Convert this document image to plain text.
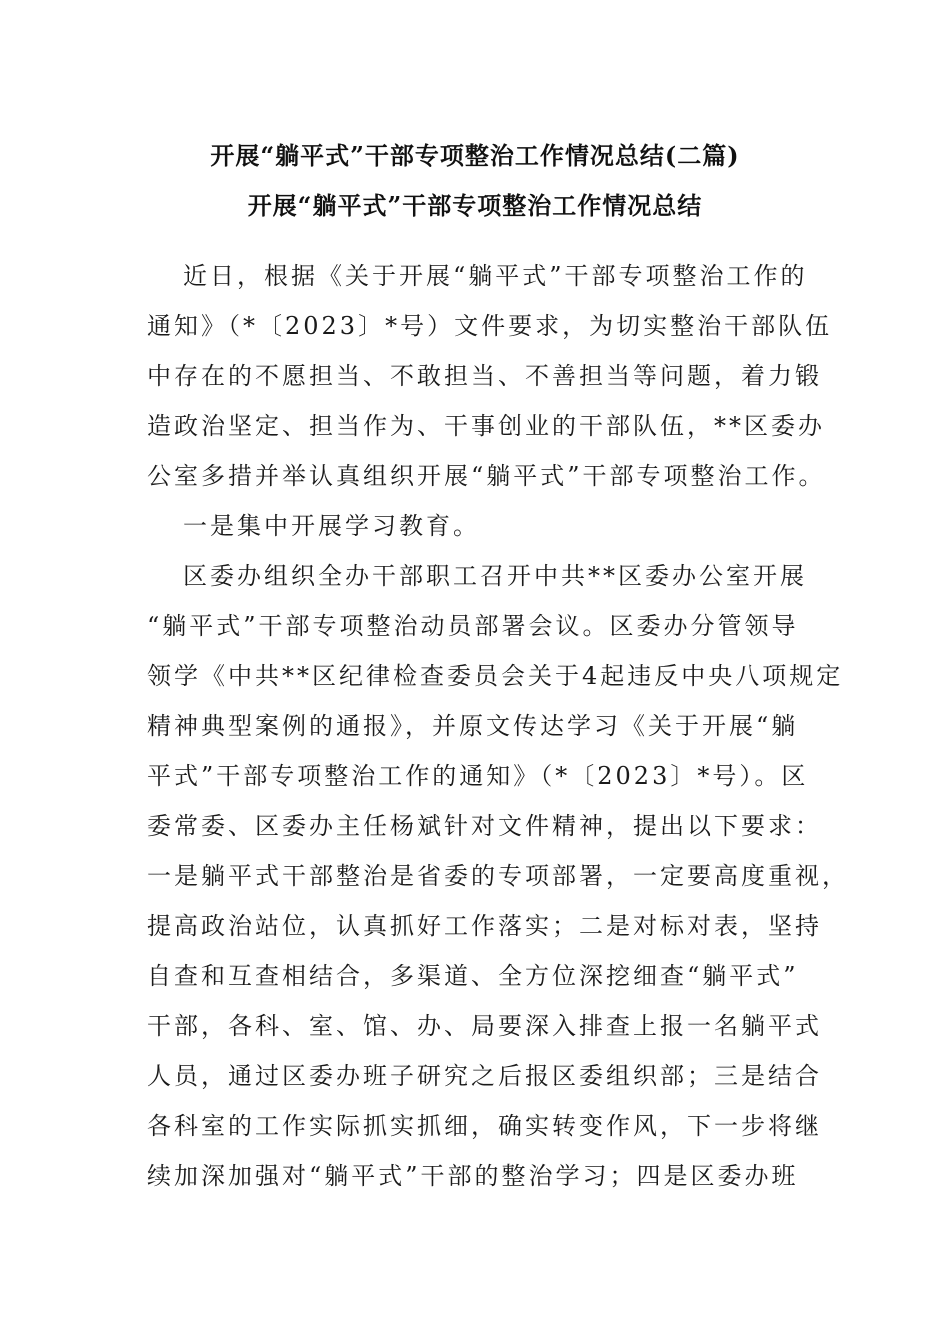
开展“躺平式”干部专项整治工作情况总结(二篇)
开展“躺平式”干部专项整治工作情况总结

近日，根据《关于开展“躺平式”干部专项整治工作的

通知》（*〔2023〕*号）文件要求，为切实整治干部队伍

中存在的不愿担当、不敢担当、不善担当等问题，着力锻

造政治坚定、担当作为、干事创业的干部队伍，**区委办

公室多措并举认真组织开展“躺平式”干部专项整治工作。

一是集中开展学习教育。

区委办组织全办干部职工召开中共**区委办公室开展

“躺平式”干部专项整治动员部署会议。区委办分管领导

领学《中共**区纪律检查委员会关于4起违反中央八项规定

精神典型案例的通报》，并原文传达学习《关于开展“躺

平式”干部专项整治工作的通知》（*〔2023〕*号）。区

委常委、区委办主任杨斌针对文件精神，提出以下要求：

一是躺平式干部整治是省委的专项部署，一定要高度重视，

提高政治站位，认真抓好工作落实；二是对标对表，坚持

自查和互查相结合，多渠道、全方位深挖细查“躺平式”

干部，各科、室、馆、办、局要深入排查上报一名躺平式

人员，通过区委办班子研究之后报区委组织部；三是结合

各科室的工作实际抓实抓细，确实转变作风，下一步将继

续加深加强对“躺平式”干部的整治学习；四是区委办班
